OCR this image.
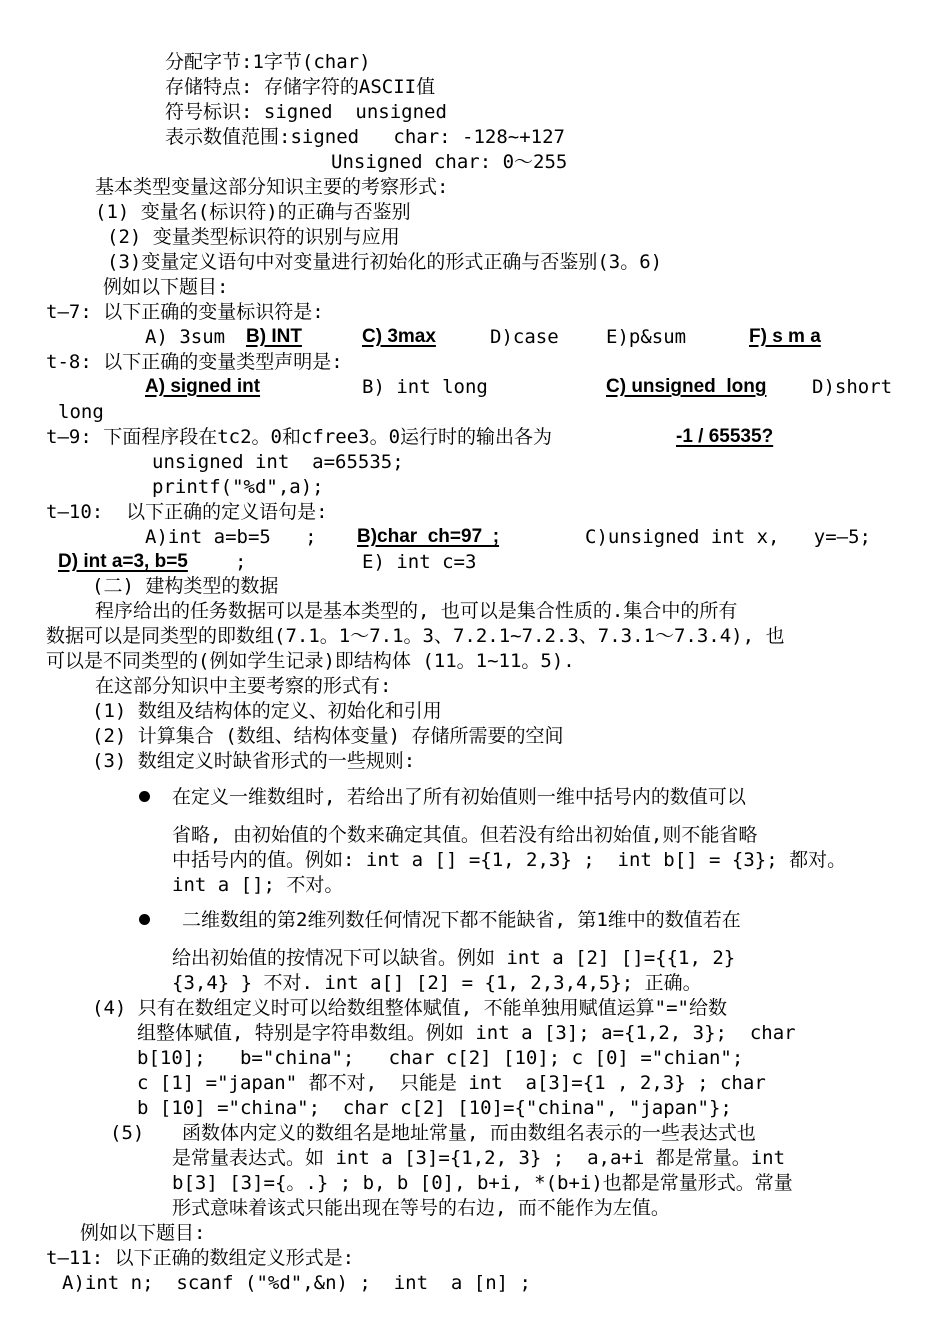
分配字节:1字节(char)
存储特点: 存储字符的ASCII值
符号标识: signed  unsigned
表示数值范围:signed   char: -128~+127
Unsigned char: 0～255
基本类型变量这部分知识主要的考察形式:
(1) 变量名(标识符)的正确与否鉴别
(2) 变量类型标识符的识别与应用
(3)变量定义语句中对变量进行初始化的形式正确与否鉴别(3。6)
例如以下题目:
t—7: 以下正确的变量标识符是:
A) 3sum B) INT	C) 3max	D)case E)p&sum	F) s m a
t-8: 以下正确的变量类型声明是:
A) signed int	B) int long	C) unsigned  long D)short
long
t—9: 下面程序段在tc2。0和cfree3。0运行时的输出各为	-1 / 65535?
unsigned int  a=65535;
printf("%d",a);
t—10:  以下正确的定义语句是:
A)int a=b=5   ; B)char  ch=97  ;	C)unsigned int x,   y=—5;
D) int a=3, b=5 ;	E) int c=3
(二) 建构类型的数据
程序给出的任务数据可以是基本类型的, 也可以是集合性质的.集合中的所有
数据可以是同类型的即数组(7.1。1～7.1。3、7.2.1~7.2.3、7.3.1～7.3.4), 也
可以是不同类型的(例如学生记录)即结构体 (11。1~11。5).
在这部分知识中主要考察的形式有:
(1) 数组及结构体的定义、初始化和引用
(2) 计算集合 (数组、结构体变量) 存储所需要的空间
(3) 数组定义时缺省形式的一些规则:
在定义一维数组时, 若给出了所有初始值则一维中括号内的数值可以
省略, 由初始值的个数来确定其值。但若没有给出初始值,则不能省略
中括号内的值。例如: int a [] ={1, 2,3} ;  int b[] = {3}; 都对。
int a []; 不对。
二维数组的第2维列数任何情况下都不能缺省, 第1维中的数值若在
给出初始值的按情况下可以缺省。例如 int a [2] []={{1, 2}
{3,4} } 不对. int a[] [2] = {1, 2,3,4,5}; 正确。
(4) 只有在数组定义时可以给数组整体赋值, 不能单独用赋值运算"="给数
组整体赋值, 特别是字符串数组。例如 int a [3]; a={1,2, 3};  char
b[10];   b="china";   char c[2] [10]; c [0] ="chian";
c [1] ="japan" 都不对,  只能是 int  a[3]={1 , 2,3} ; char
b [10] ="china";  char c[2] [10]={"china", "japan"};
(5) 函数体内定义的数组名是地址常量, 而由数组名表示的一些表达式也
是常量表达式。如 int a [3]={1,2, 3} ;  a,a+i 都是常量。int
b[3] [3]={。.} ; b, b [0], b+i, *(b+i)也都是常量形式。常量
形式意味着该式只能出现在等号的右边, 而不能作为左值。
例如以下题目:
t—11: 以下正确的数组定义形式是:
A)int n;  scanf ("%d",&n) ;  int  a [n] ;
